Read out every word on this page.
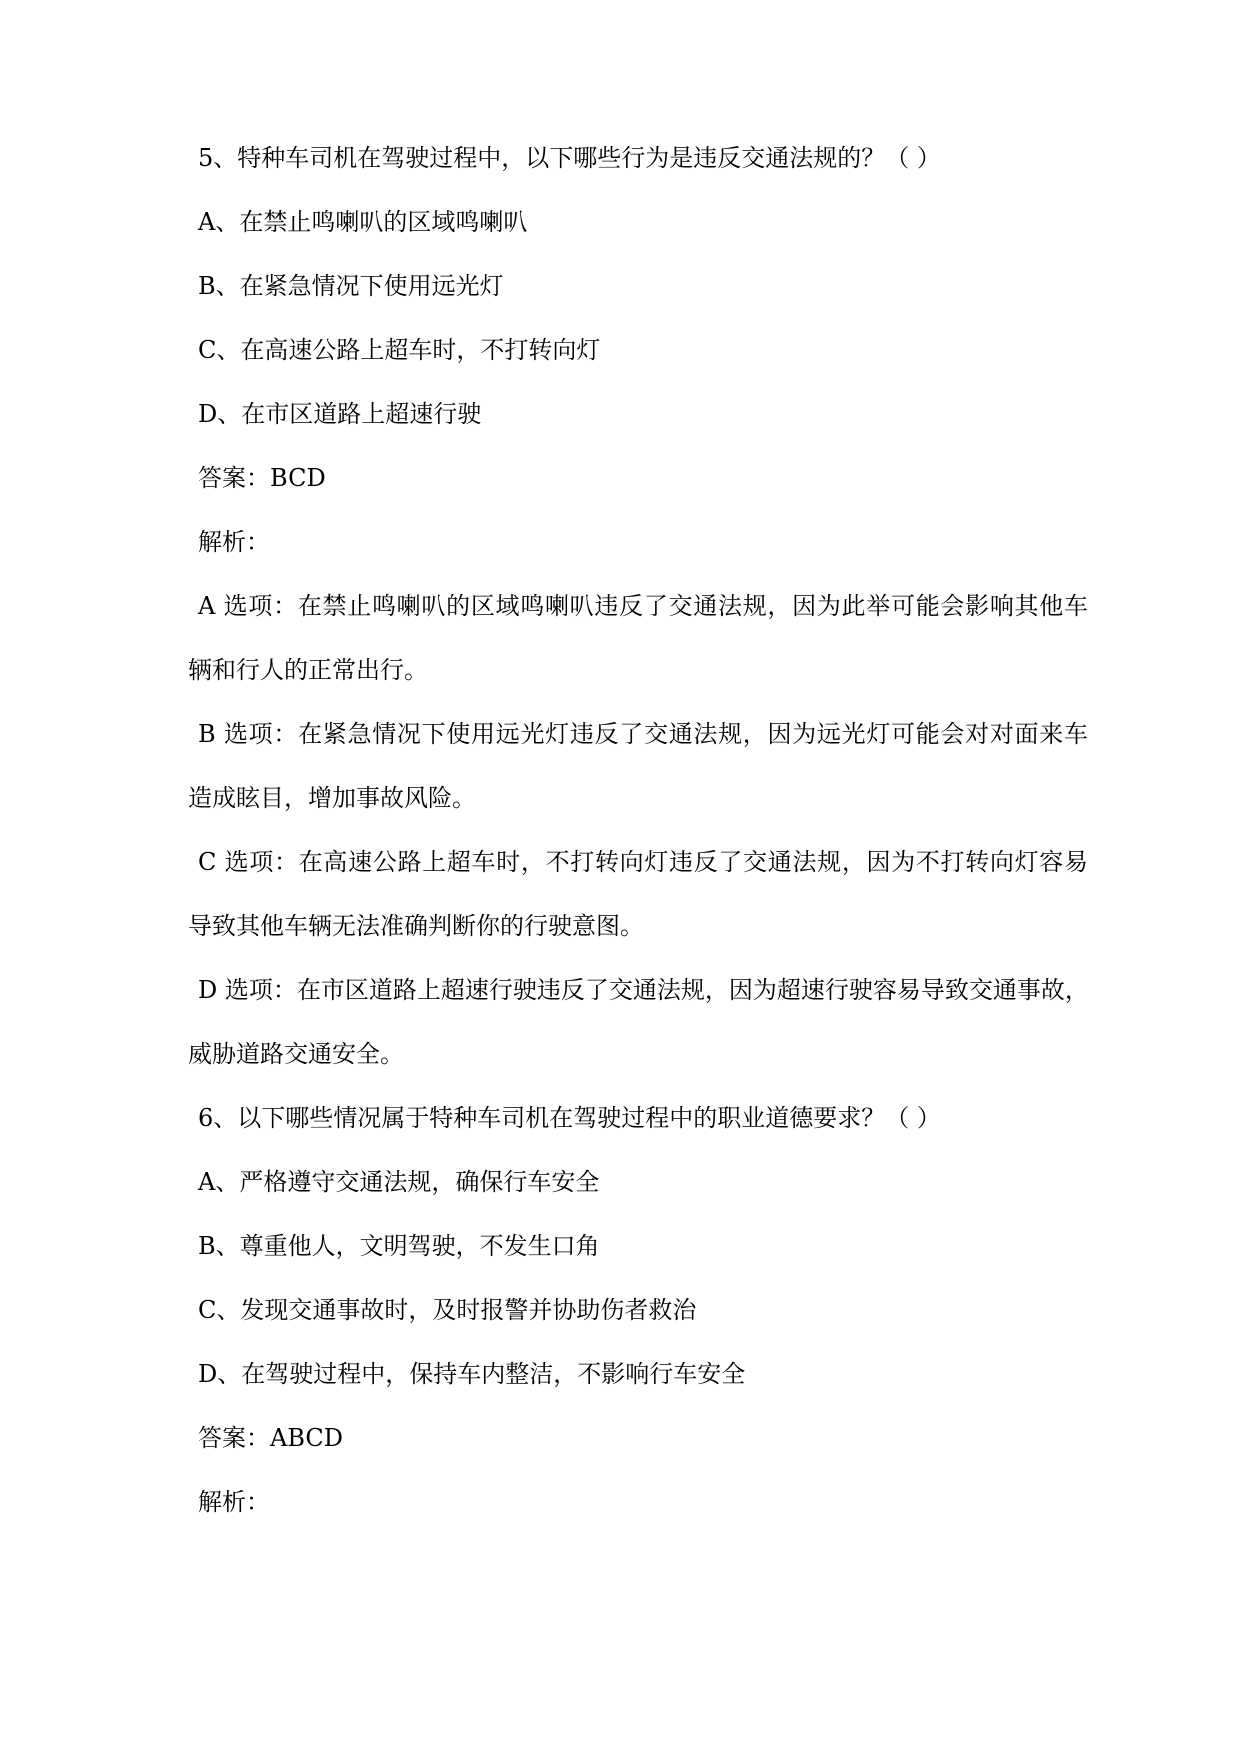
5、特种车司机在驾驶过程中，以下哪些行为是违反交通法规的？（ ）
A、在禁止鸣喇叭的区域鸣喇叭
B、在紧急情况下使用远光灯
C、在高速公路上超车时，不打转向灯
D、在市区道路上超速行驶
答案：BCD
解析：
A 选项：在禁止鸣喇叭的区域鸣喇叭违反了交通法规，因为此举可能会影响其他车
辆和行人的正常出行。
B 选项：在紧急情况下使用远光灯违反了交通法规，因为远光灯可能会对对面来车
造成眩目，增加事故风险。
C 选项：在高速公路上超车时，不打转向灯违反了交通法规，因为不打转向灯容易
导致其他车辆无法准确判断你的行驶意图。
D 选项：在市区道路上超速行驶违反了交通法规，因为超速行驶容易导致交通事故，
威胁道路交通安全。
6、以下哪些情况属于特种车司机在驾驶过程中的职业道德要求？（ ）
A、严格遵守交通法规，确保行车安全
B、尊重他人，文明驾驶，不发生口角
C、发现交通事故时，及时报警并协助伤者救治
D、在驾驶过程中，保持车内整洁，不影响行车安全
答案：ABCD
解析：
